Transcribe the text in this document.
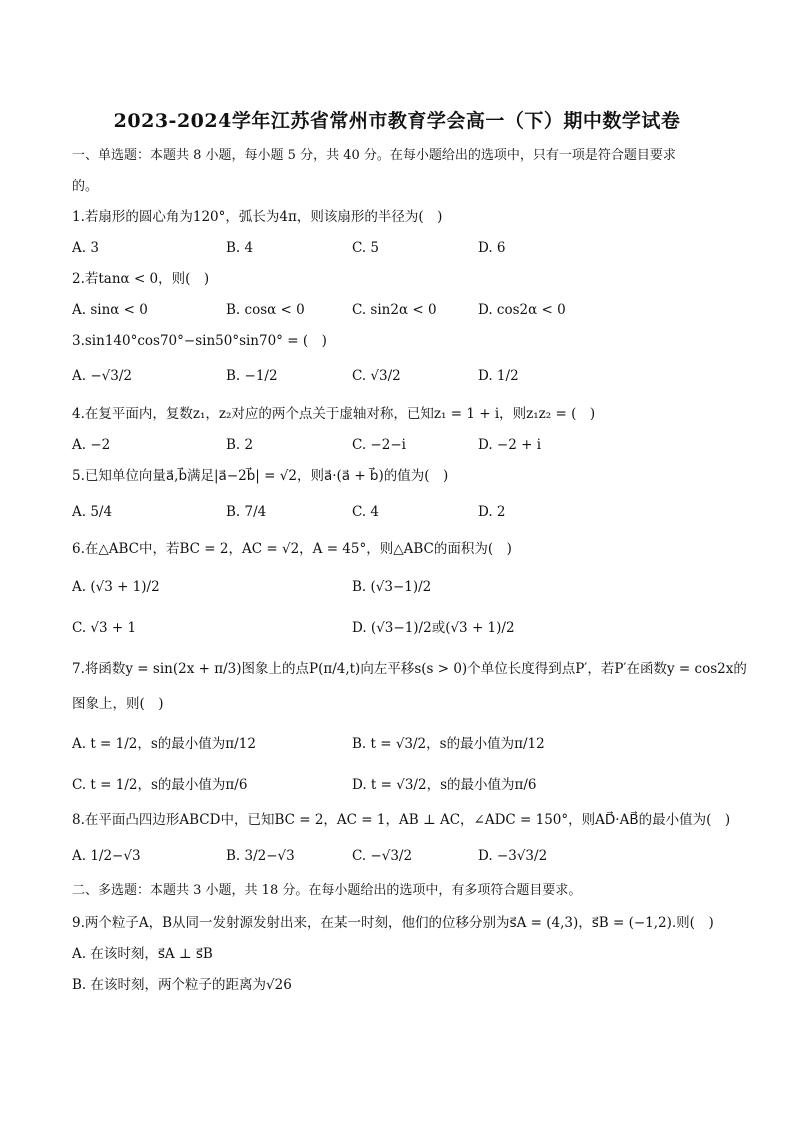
2023-2024学年江苏省常州市教育学会高一（下）期中数学试卷
一、单选题：本题共 8 小题，每小题 5 分，共 40 分。在每小题给出的选项中，只有一项是符合题目要求
的。
1.若扇形的圆心角为120°，弧长为4π，则该扇形的半径为(　)
A. 3	B. 4	C. 5	D. 6
2.若tanα < 0，则(　)
A. sinα < 0	B. cosα < 0	C. sin2α < 0	D. cos2α < 0
3.sin140°cos70°−sin50°sin70° = (　)
A. −√3/2	B. −1/2	C. √3/2	D. 1/2
4.在复平面内，复数z₁，z₂对应的两个点关于虚轴对称，已知z₁ = 1 + i，则z₁z₂ = (　)
A. −2	B. 2	C. −2−i	D. −2 + i
5.已知单位向量a⃗,b⃗满足|a⃗−2b⃗| = √2，则a⃗·(a⃗ + b⃗)的值为(　)
A. 5/4	B. 7/4	C. 4	D. 2
6.在△ABC中，若BC = 2，AC = √2，A = 45°，则△ABC的面积为(　)
A. (√3 + 1)/2	B. (√3−1)/2
C. √3 + 1	D. (√3−1)/2或(√3 + 1)/2
7.将函数y = sin(2x + π/3)图象上的点P(π/4,t)向左平移s(s > 0)个单位长度得到点P′，若P′在函数y = cos2x的
图象上，则(　)
A. t = 1/2，s的最小值为π/12	B. t = √3/2，s的最小值为π/12
C. t = 1/2，s的最小值为π/6	D. t = √3/2，s的最小值为π/6
8.在平面凸四边形ABCD中，已知BC = 2，AC = 1，AB ⊥ AC，∠ADC = 150°，则AD⃗·AB⃗的最小值为(　)
A. 1/2−√3	B. 3/2−√3	C. −√3/2	D. −3√3/2
二、多选题：本题共 3 小题，共 18 分。在每小题给出的选项中，有多项符合题目要求。
9.两个粒子A，B从同一发射源发射出来，在某一时刻，他们的位移分别为s⃗A = (4,3)，s⃗B = (−1,2).则(　)
A. 在该时刻，s⃗A ⊥ s⃗B
B. 在该时刻，两个粒子的距离为√26
